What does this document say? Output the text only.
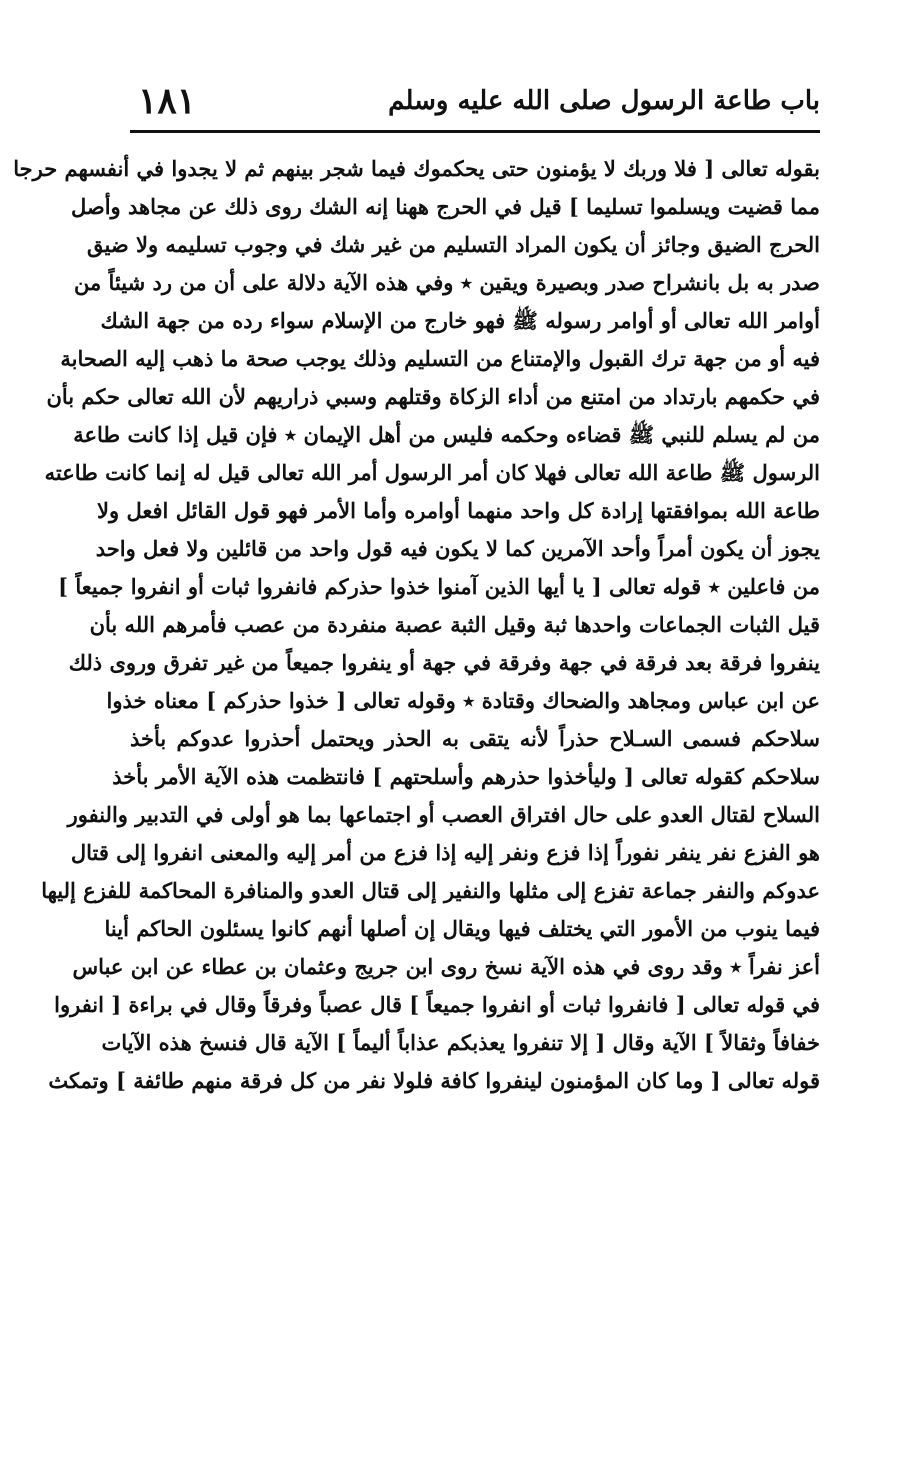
باب طاعة الرسول صلى الله عليه وسلم
١٨١
بقوله تعالى [ فلا وربك لا يؤمنون حتى يحكموك فيما شجر بينهم ثم لا يجدوا في أنفسهم حرجا
مما قضيت ويسلموا تسليما ] قيل في الحرج ههنا إنه الشك روى ذلك عن مجاهد وأصل
الحرج الضيق وجائز أن يكون المراد التسليم من غير شك في وجوب تسليمه ولا ضيق
صدر به بل بانشراح صدر وبصيرة ويقين ٭ وفي هذه الآية دلالة على أن من رد شيئاً من
أوامر الله تعالى أو أوامر رسوله ﷺ فهو خارج من الإسلام سواء رده من جهة الشك
فيه أو من جهة ترك القبول والإمتناع من التسليم وذلك يوجب صحة ما ذهب إليه الصحابة
في حكمهم بارتداد من امتنع من أداء الزكاة وقتلهم وسبي ذراريهم لأن الله تعالى حكم بأن
من لم يسلم للنبي ﷺ قضاءه وحكمه فليس من أهل الإيمان ٭ فإن قيل إذا كانت طاعة
الرسول ﷺ طاعة الله تعالى فهلا كان أمر الرسول أمر الله تعالى قيل له إنما كانت طاعته
طاعة الله بموافقتها إرادة كل واحد منهما أوامره وأما الأمر فهو قول القائل افعل ولا
يجوز أن يكون أمراً وأحد الآمرين كما لا يكون فيه قول واحد من قائلين ولا فعل واحد
من فاعلين ٭ قوله تعالى [ يا أيها الذين آمنوا خذوا حذركم فانفروا ثبات أو انفروا جميعاً ]
قيل الثبات الجماعات واحدها ثبة وقيل الثبة عصبة منفردة من عصب فأمرهم الله بأن
ينفروا فرقة بعد فرقة في جهة وفرقة في جهة أو ينفروا جميعاً من غير تفرق وروى ذلك
عن ابن عباس ومجاهد والضحاك وقتادة ٭ وقوله تعالى [ خذوا حذركم ] معناه خذوا
سلاحكم فسمى السـلاح حذراً لأنه يتقى به الحذر ويحتمل أحذروا عدوكم بأخذ
سلاحكم كقوله تعالى [ وليأخذوا حذرهم وأسلحتهم ] فانتظمت هذه الآية الأمر بأخذ
السلاح لقتال العدو على حال افتراق العصب أو اجتماعها بما هو أولى في التدبير والنفور
هو الفزع نفر ينفر نفوراً إذا فزع ونفر إليه إذا فزع من أمر إليه والمعنى انفروا إلى قتال
عدوكم والنفر جماعة تفزع إلى مثلها والنفير إلى قتال العدو والمنافرة المحاكمة للفزع إليها
فيما ينوب من الأمور التي يختلف فيها ويقال إن أصلها أنهم كانوا يسئلون الحاكم أينا
أعز نفراً ٭ وقد روى في هذه الآية نسخ روى ابن جريج وعثمان بن عطاء عن ابن عباس
في قوله تعالى [ فانفروا ثبات أو انفروا جميعاً ] قال عصباً وفرقاً وقال في براءة [ انفروا
خفافاً وثقالاً ] الآية وقال [ إلا تنفروا يعذبكم عذاباً أليماً ] الآية قال فنسخ هذه الآيات
قوله تعالى [ وما كان المؤمنون لينفروا كافة فلولا نفر من كل فرقة منهم طائفة ] وتمكث
